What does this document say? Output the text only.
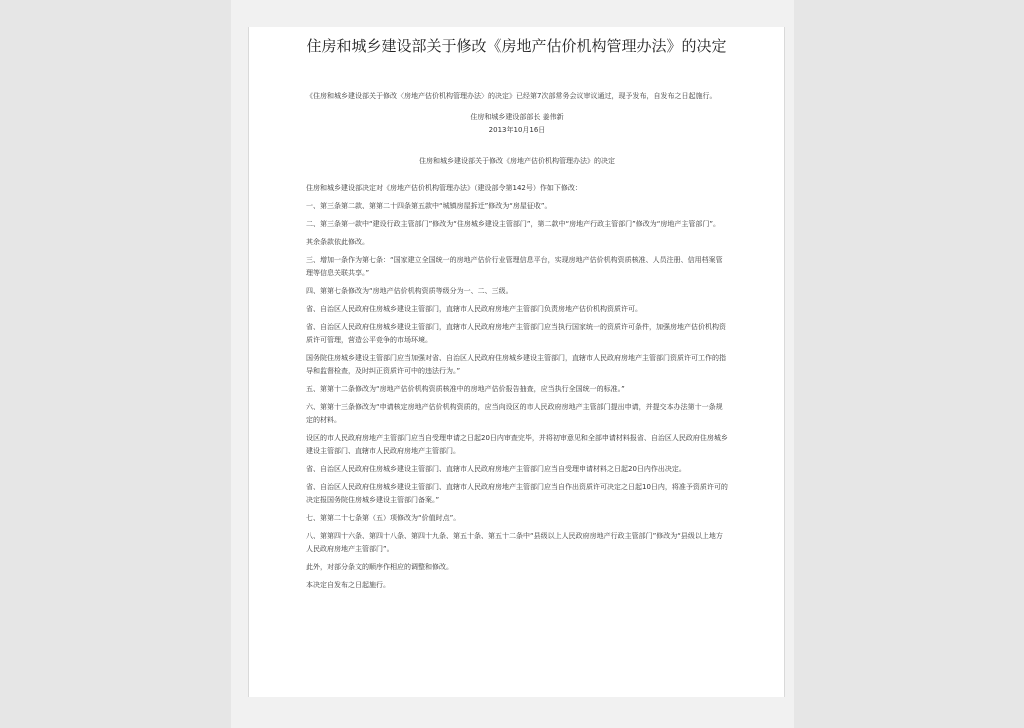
住房和城乡建设部关于修改《房地产估价机构管理办法》的决定

《住房和城乡建设部关于修改〈房地产估价机构管理办法〉的决定》已经第7次部常务会议审议通过，现予发布，自发布之日起施行。

住房和城乡建设部部长 姜伟新

2013年10月16日

住房和城乡建设部关于修改《房地产估价机构管理办法》的决定

住房和城乡建设部决定对《房地产估价机构管理办法》（建设部令第142号）作如下修改：

一、第三条第二款、第第二十四条第五款中“城镇房屋拆迁”修改为“房屋征收”。

二、第三条第一款中“建设行政主管部门”修改为“住房城乡建设主管部门”，第二款中“房地产行政主管部门”修改为“房地产主管部门”。

其余条款依此修改。

三、增加一条作为第七条：“国家建立全国统一的房地产估价行业管理信息平台，实现房地产估价机构资质核准、人员注册、信用档案管理等信息关联共享。”

四、第第七条修改为“房地产估价机构资质等级分为一、二、三级。

省、自治区人民政府住房城乡建设主管部门，直辖市人民政府房地产主管部门负责房地产估价机构资质许可。

省、自治区人民政府住房城乡建设主管部门，直辖市人民政府房地产主管部门应当执行国家统一的资质许可条件，加强房地产估价机构资质许可管理，营造公平竞争的市场环境。

国务院住房城乡建设主管部门应当加强对省、自治区人民政府住房城乡建设主管部门，直辖市人民政府房地产主管部门资质许可工作的指导和监督检查，及时纠正资质许可中的违法行为。”

五、第第十二条修改为“房地产估价机构资质核准中的房地产估价报告抽查，应当执行全国统一的标准。”

六、第第十三条修改为“申请核定房地产估价机构资质的，应当向设区的市人民政府房地产主管部门提出申请，并提交本办法第十一条规定的材料。

设区的市人民政府房地产主管部门应当自受理申请之日起20日内审查完毕，并将初审意见和全部申请材料报省、自治区人民政府住房城乡建设主管部门、直辖市人民政府房地产主管部门。

省、自治区人民政府住房城乡建设主管部门、直辖市人民政府房地产主管部门应当自受理申请材料之日起20日内作出决定。

省、自治区人民政府住房城乡建设主管部门、直辖市人民政府房地产主管部门应当自作出资质许可决定之日起10日内，将准予资质许可的决定报国务院住房城乡建设主管部门备案。”

七、第第二十七条第（五）项修改为“价值时点”。

八、第第四十六条、第四十八条、第四十九条、第五十条、第五十二条中“县级以上人民政府房地产行政主管部门”修改为“县级以上地方人民政府房地产主管部门”。

此外，对部分条文的顺序作相应的调整和修改。

本决定自发布之日起施行。
